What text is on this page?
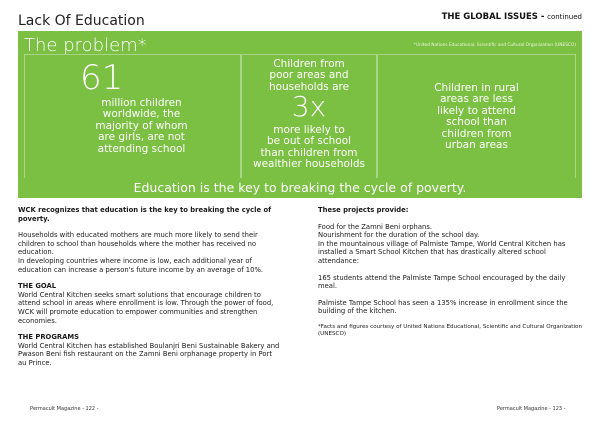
Lack Of Education	THE GLOBAL ISSUES - continued
The problem*	*United Nations Educational, Scientific and Cultural Organization (UNESCO)
61
million children
worldwide, the
majority of whom
are girls, are not
attending school
Children from
poor areas and
households are
3x
more likely to
be out of school
than children from
wealthier households
Children in rural
areas are less
likely to attend
school than
children from
urban areas
Education is the key to breaking the cycle of poverty.

WCK recognizes that education is the key to breaking the cycle of poverty.

Households with educated mothers are much more likely to send their children to school than households where the mother has received no education.

In developing countries where income is low, each additional year of education can increase a person's future income by an average of 10%.

THE GOAL

World Central Kitchen seeks smart solutions that encourage children to attend school in areas where enrollment is low. Through the power of food, WCK will promote education to empower communities and strengthen economies.

THE PROGRAMS

World Central Kitchen has established Boulanjri Beni Sustainable Bakery and Pwason Beni fish restaurant on the Zamni Beni orphanage property in Port au Prince.

These projects provide:

Food for the Zamni Beni orphans.

Nourishment for the duration of the school day.

In the mountainous village of Palmiste Tampe, World Central Kitchen has installed a Smart School Kitchen that has drastically altered school attendance:

165 students attend the Palmiste Tampe School encouraged by the daily meal.

Palmiste Tampe School has seen a 135% increase in enrollment since the building of the kitchen.

*Facts and figures courtesy of United Nations Educational, Scientific and Cultural Organization (UNESCO)

Permacult Magazine - 122 -	Permacult Magazine - 123 -
